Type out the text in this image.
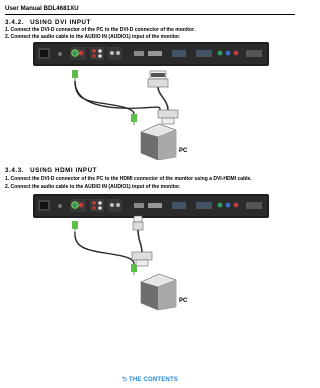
User Manual BDL4681XU
3.4.2. USING DVI INPUT
1. Connect the DVI-D connector of the PC to the DVI-D connector of the monitor.
2. Connect the audio cable to the AUDIO IN (AUDIO1) input of the monitor.
PC
3.4.3. USING HDMI INPUT
1. Connect the DVI-D connector of the PC to the HDMI connector of the monitor using a DVI-HDMI cable.
2. Connect the audio cable to the AUDIO IN (AUDIO1) input of the monitor.
PC
⮌ THE CONTENTS
